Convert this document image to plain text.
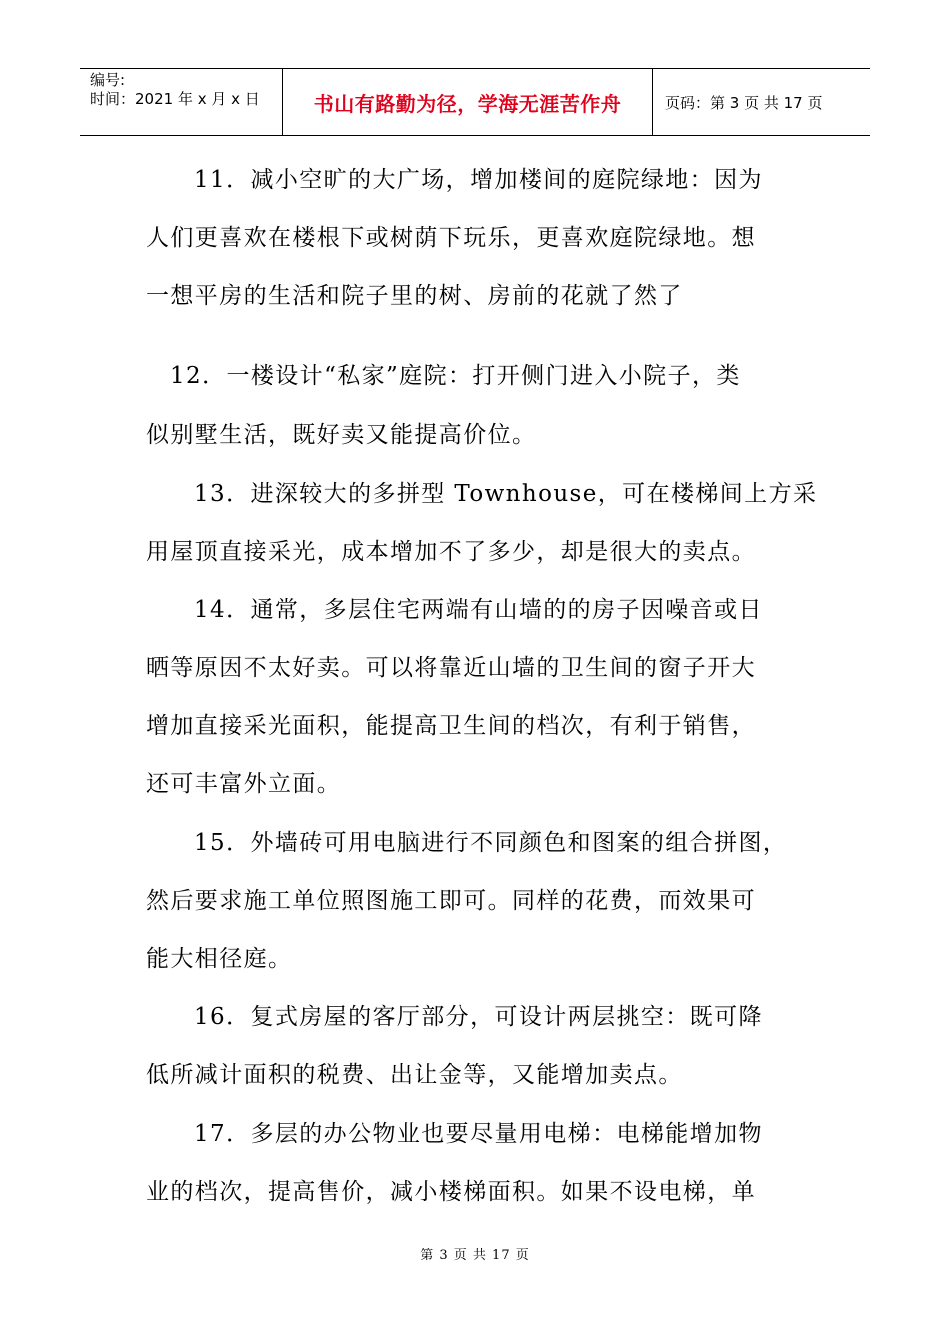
编号:
时间：2021 年 x 月 x 日	书山有路勤为径，学海无涯苦作舟	页码：第 3 页 共 17 页
11．减小空旷的大广场，增加楼间的庭院绿地：因为
人们更喜欢在楼根下或树荫下玩乐，更喜欢庭院绿地。想
一想平房的生活和院子里的树、房前的花就了然了
12．一楼设计“私家”庭院：打开侧门进入小院子，类
似别墅生活，既好卖又能提高价位。
13．进深较大的多拼型 Townhouse，可在楼梯间上方采
用屋顶直接采光，成本增加不了多少，却是很大的卖点。
14．通常，多层住宅两端有山墙的的房子因噪音或日
晒等原因不太好卖。可以将靠近山墙的卫生间的窗子开大
增加直接采光面积，能提高卫生间的档次，有利于销售，
还可丰富外立面。
15．外墙砖可用电脑进行不同颜色和图案的组合拼图，
然后要求施工单位照图施工即可。同样的花费，而效果可
能大相径庭。
16．复式房屋的客厅部分，可设计两层挑空：既可降
低所减计面积的税费、出让金等，又能增加卖点。
17．多层的办公物业也要尽量用电梯：电梯能增加物
业的档次，提高售价，减小楼梯面积。如果不设电梯，单
第 3 页 共 17 页
